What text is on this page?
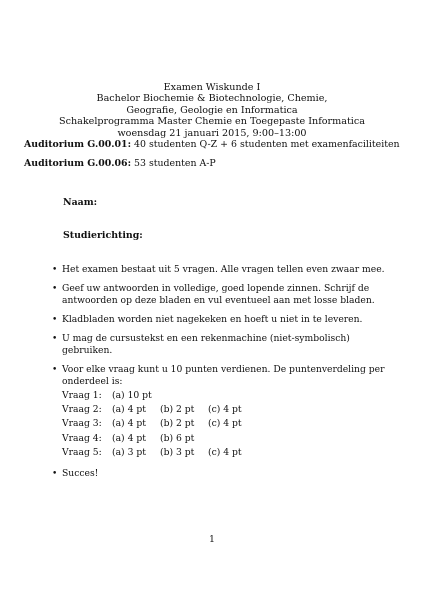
Examen Wiskunde I
Bachelor Biochemie & Biotechnologie, Chemie,
Geografie, Geologie en Informatica
Schakelprogramma Master Chemie en Toegepaste Informatica
woensdag 21 januari 2015, 9:00–13:00
Auditorium G.00.01: 40 studenten Q-Z + 6 studenten met examenfaciliteiten
Auditorium G.00.06: 53 studenten A-P
Naam:
Studierichting:
• Het examen bestaat uit 5 vragen. Alle vragen tellen even zwaar mee.
• Geef uw antwoorden in volledige, goed lopende zinnen. Schrijf de antwoorden op deze bladen en vul eventueel aan met losse bladen.
• Kladbladen worden niet nagekeken en hoeft u niet in te leveren.
• U mag de cursustekst en een rekenmachine (niet-symbolisch) gebruiken.
• Voor elke vraag kunt u 10 punten verdienen. De puntenverdeling per onderdeel is:
Vraag 1:	(a) 10 pt		
Vraag 2:	(a) 4 pt	(b) 2 pt	(c) 4 pt
Vraag 3:	(a) 4 pt	(b) 2 pt	(c) 4 pt
Vraag 4:	(a) 4 pt	(b) 6 pt	
Vraag 5:	(a) 3 pt	(b) 3 pt	(c) 4 pt
• Succes!
1
